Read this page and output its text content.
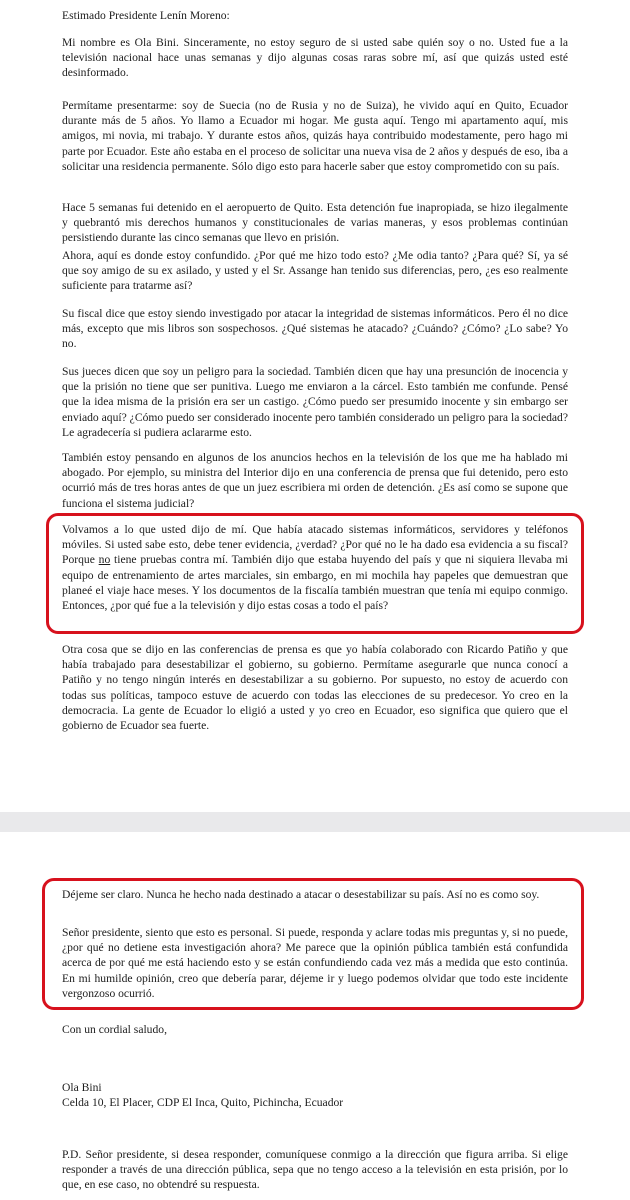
Estimado Presidente Lenín Moreno:

Mi nombre es Ola Bini. Sinceramente, no estoy seguro de si usted sabe quién soy o no. Usted fue a la televisión nacional hace unas semanas y dijo algunas cosas raras sobre mí, así que quizás usted esté desinformado.

Permítame presentarme: soy de Suecia (no de Rusia y no de Suiza), he vivido aquí en Quito, Ecuador durante más de 5 años. Yo llamo a Ecuador mi hogar. Me gusta aquí. Tengo mi apartamento aquí, mis amigos, mi novia, mi trabajo. Y durante estos años, quizás haya contribuido modestamente, pero hago mi parte por Ecuador. Este año estaba en el proceso de solicitar una nueva visa de 2 años y después de eso, iba a solicitar una residencia permanente. Sólo digo esto para hacerle saber que estoy comprometido con su país.

Hace 5 semanas fui detenido en el aeropuerto de Quito. Esta detención fue inapropiada, se hizo ilegalmente y quebrantó mis derechos humanos y constitucionales de varias maneras, y esos problemas continúan persistiendo durante las cinco semanas que llevo en prisión.

Ahora, aquí es donde estoy confundido. ¿Por qué me hizo todo esto? ¿Me odia tanto? ¿Para qué? Sí, ya sé que soy amigo de su ex asilado, y usted y el Sr. Assange han tenido sus diferencias, pero, ¿es eso realmente suficiente para tratarme así?

Su fiscal dice que estoy siendo investigado por atacar la integridad de sistemas informáticos. Pero él no dice más, excepto que mis libros son sospechosos. ¿Qué sistemas he atacado? ¿Cuándo? ¿Cómo? ¿Lo sabe? Yo no.

Sus jueces dicen que soy un peligro para la sociedad. También dicen que hay una presunción de inocencia y que la prisión no tiene que ser punitiva. Luego me enviaron a la cárcel. Esto también me confunde. Pensé que la idea misma de la prisión era ser un castigo. ¿Cómo puedo ser presumido inocente y sin embargo ser enviado aquí? ¿Cómo puedo ser considerado inocente pero también considerado un peligro para la sociedad? Le agradecería si pudiera aclararme esto.

También estoy pensando en algunos de los anuncios hechos en la televisión de los que me ha hablado mi abogado. Por ejemplo, su ministra del Interior dijo en una conferencia de prensa que fui detenido, pero esto ocurrió más de tres horas antes de que un juez escribiera mi orden de detención. ¿Es así como se supone que funciona el sistema judicial?

Volvamos a lo que usted dijo de mí. Que había atacado sistemas informáticos, servidores y teléfonos móviles. Si usted sabe esto, debe tener evidencia, ¿verdad? ¿Por qué no le ha dado esa evidencia a su fiscal? Porque no tiene pruebas contra mí. También dijo que estaba huyendo del país y que ni siquiera llevaba mi equipo de entrenamiento de artes marciales, sin embargo, en mi mochila hay papeles que demuestran que planeé el viaje hace meses. Y los documentos de la fiscalía también muestran que tenía mi equipo conmigo. Entonces, ¿por qué fue a la televisión y dijo estas cosas a todo el país?

Otra cosa que se dijo en las conferencias de prensa es que yo había colaborado con Ricardo Patiño y que había trabajado para desestabilizar el gobierno, su gobierno. Permítame asegurarle que nunca conocí a Patiño y no tengo ningún interés en desestabilizar a su gobierno. Por supuesto, no estoy de acuerdo con todas sus políticas, tampoco estuve de acuerdo con todas las elecciones de su predecesor. Yo creo en la democracia. La gente de Ecuador lo eligió a usted y yo creo en Ecuador, eso significa que quiero que el gobierno de Ecuador sea fuerte.

Déjeme ser claro. Nunca he hecho nada destinado a atacar o desestabilizar su país. Así no es como soy.

Señor presidente, siento que esto es personal. Si puede, responda y aclare todas mis preguntas y, si no puede, ¿por qué no detiene esta investigación ahora? Me parece que la opinión pública también está confundida acerca de por qué me está haciendo esto y se están confundiendo cada vez más a medida que esto continúa. En mi humilde opinión, creo que debería parar, déjeme ir y luego podemos olvidar que todo este incidente vergonzoso ocurrió.

Con un cordial saludo,

Ola Bini

Celda 10, El Placer, CDP El Inca, Quito, Pichincha, Ecuador

P.D. Señor presidente, si desea responder, comuníquese conmigo a la dirección que figura arriba. Si elige responder a través de una dirección pública, sepa que no tengo acceso a la televisión en esta prisión, por lo que, en ese caso, no obtendré su respuesta.
